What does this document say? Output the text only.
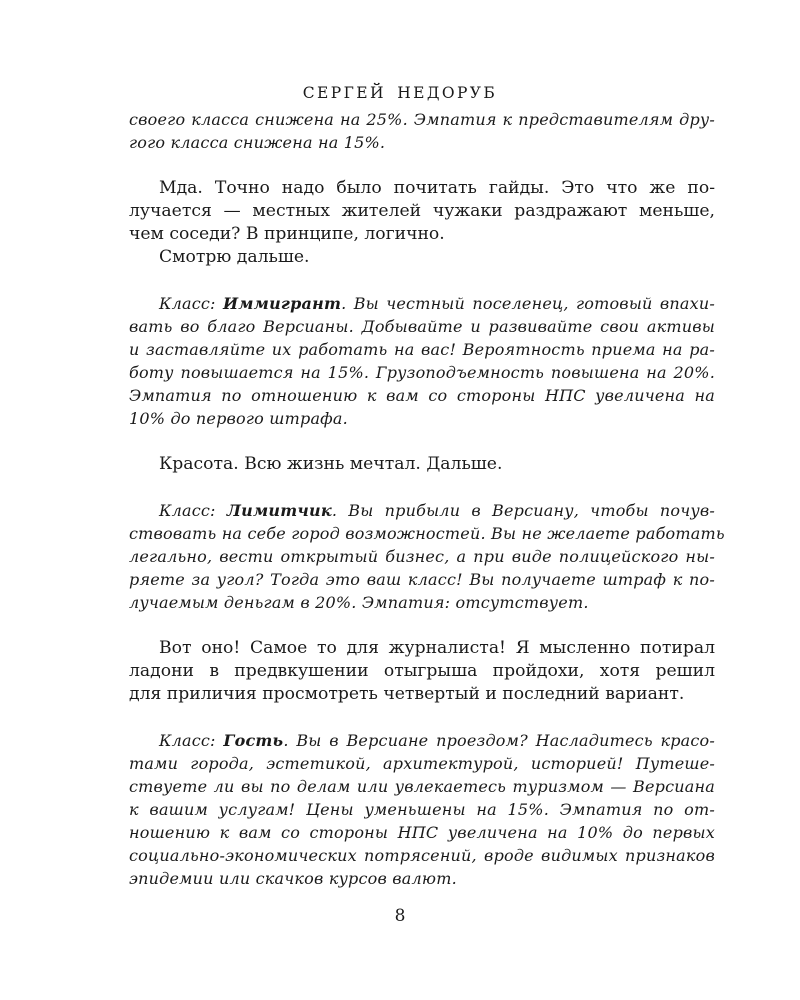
СЕРГЕЙ НЕДОРУБ
своего класса снижена на 25%. Эмпатия к представителям дру-
гого класса снижена на 15%.
Мда. Точно надо было почитать гайды. Это что же по-
лучается — местных жителей чужаки раздражают меньше,
чем соседи? В принципе, логично.
Смотрю дальше.
Класс: Иммигрант. Вы честный поселенец, готовый впахи-
вать во благо Версианы. Добывайте и развивайте свои активы
и заставляйте их работать на вас! Вероятность приема на ра-
боту повышается на 15%. Грузоподъемность повышена на 20%.
Эмпатия по отношению к вам со стороны НПС увеличена на
10% до первого штрафа.
Красота. Всю жизнь мечтал. Дальше.
Класс: Лимитчик. Вы прибыли в Версиану, чтобы почув-
ствовать на себе город возможностей. Вы не желаете работать
легально, вести открытый бизнес, а при виде полицейского ны-
ряете за угол? Тогда это ваш класс! Вы получаете штраф к по-
лучаемым деньгам в 20%. Эмпатия: отсутствует.
Вот оно! Самое то для журналиста! Я мысленно потирал
ладони в предвкушении отыгрыша пройдохи, хотя решил
для приличия просмотреть четвертый и последний вариант.
Класс: Гость. Вы в Версиане проездом? Насладитесь красо-
тами города, эстетикой, архитектурой, историей! Путеше-
ствуете ли вы по делам или увлекаетесь туризмом — Версиана
к вашим услугам! Цены уменьшены на 15%. Эмпатия по от-
ношению к вам со стороны НПС увеличена на 10% до первых
социально-экономических потрясений, вроде видимых признаков
эпидемии или скачков курсов валют.
8
